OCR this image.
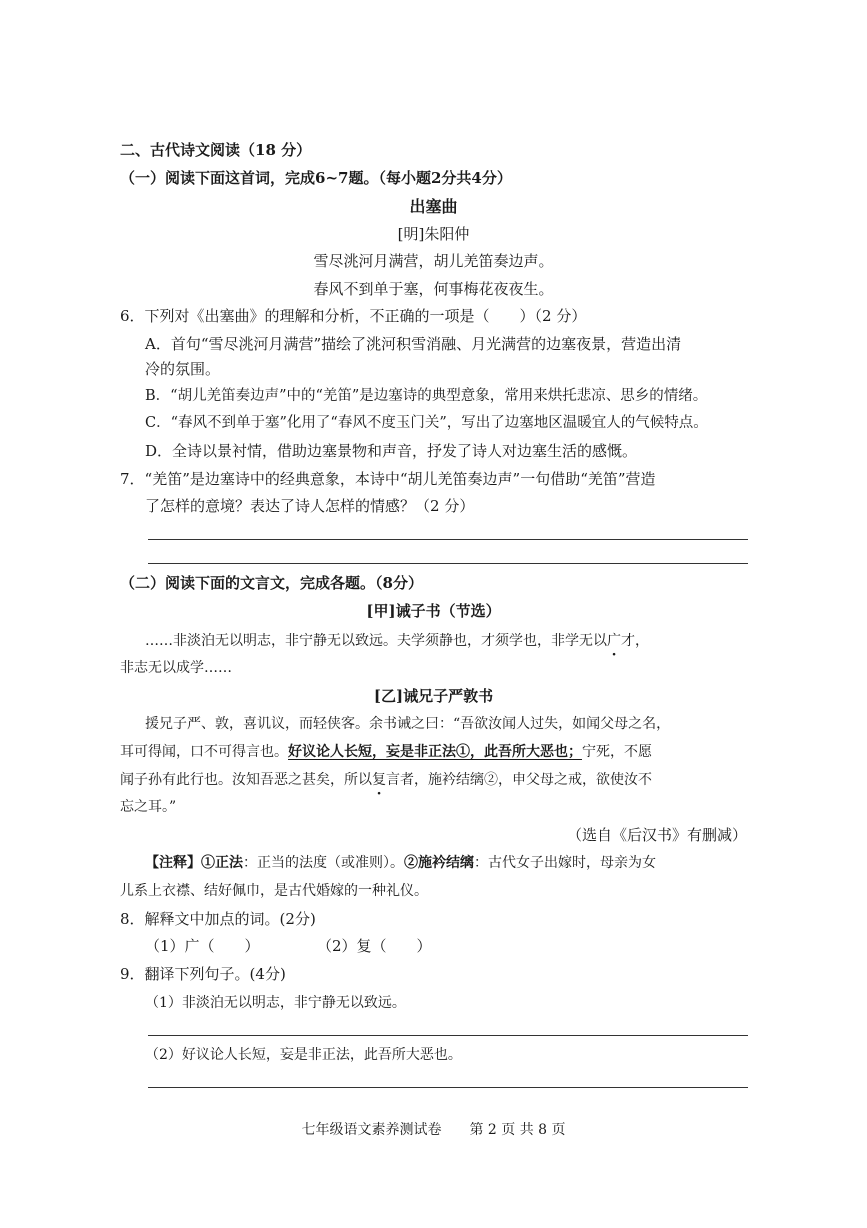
二、古代诗文阅读（18 分）
（一）阅读下面这首词，完成6~7题。（每小题2分共4分）
出塞曲
[明]朱阳仲
雪尽洮河月满营，胡儿羌笛奏边声。
春风不到单于塞，何事梅花夜夜生。
6．下列对《出塞曲》的理解和分析，不正确的一项是（　　）（2 分）
A．首句“雪尽洮河月满营”描绘了洮河积雪消融、月光满营的边塞夜景，营造出清
冷的氛围。
B．“胡儿羌笛奏边声”中的“羌笛”是边塞诗的典型意象，常用来烘托悲凉、思乡的情绪。
C．“春风不到单于塞”化用了“春风不度玉门关”，写出了边塞地区温暖宜人的气候特点。
D．全诗以景衬情，借助边塞景物和声音，抒发了诗人对边塞生活的感慨。
7．“羌笛”是边塞诗中的经典意象，本诗中“胡儿羌笛奏边声”一句借助“羌笛”营造
了怎样的意境？表达了诗人怎样的情感？（2 分）
（二）阅读下面的文言文，完成各题。（8分）
[甲]诫子书（节选）
……非淡泊无以明志，非宁静无以致远。夫学须静也，才须学也，非学无以广才，
非志无以成学……
[乙]诫兄子严敦书
援兄子严、敦，喜讥议，而轻侠客。余书诫之曰：“吾欲汝闻人过失，如闻父母之名，
耳可得闻，口不可得言也。好议论人长短，妄是非正法①，此吾所大恶也；宁死，不愿
闻子孙有此行也。汝知吾恶之甚矣，所以复言者，施衿结缡②，申父母之戒，欲使汝不
忘之耳。”
（选自《后汉书》有删减）
【注释】①正法：正当的法度（或准则）。②施衿结缡：古代女子出嫁时，母亲为女
儿系上衣襟、结好佩巾，是古代婚嫁的一种礼仪。
8．解释文中加点的词。(2分)
（1）广（　　）	（2）复（　　）
9．翻译下列句子。(4分)
（1）非淡泊无以明志，非宁静无以致远。
（2）好议论人长短，妄是非正法，此吾所大恶也。
七年级语文素养测试卷　　第 2 页 共 8 页
